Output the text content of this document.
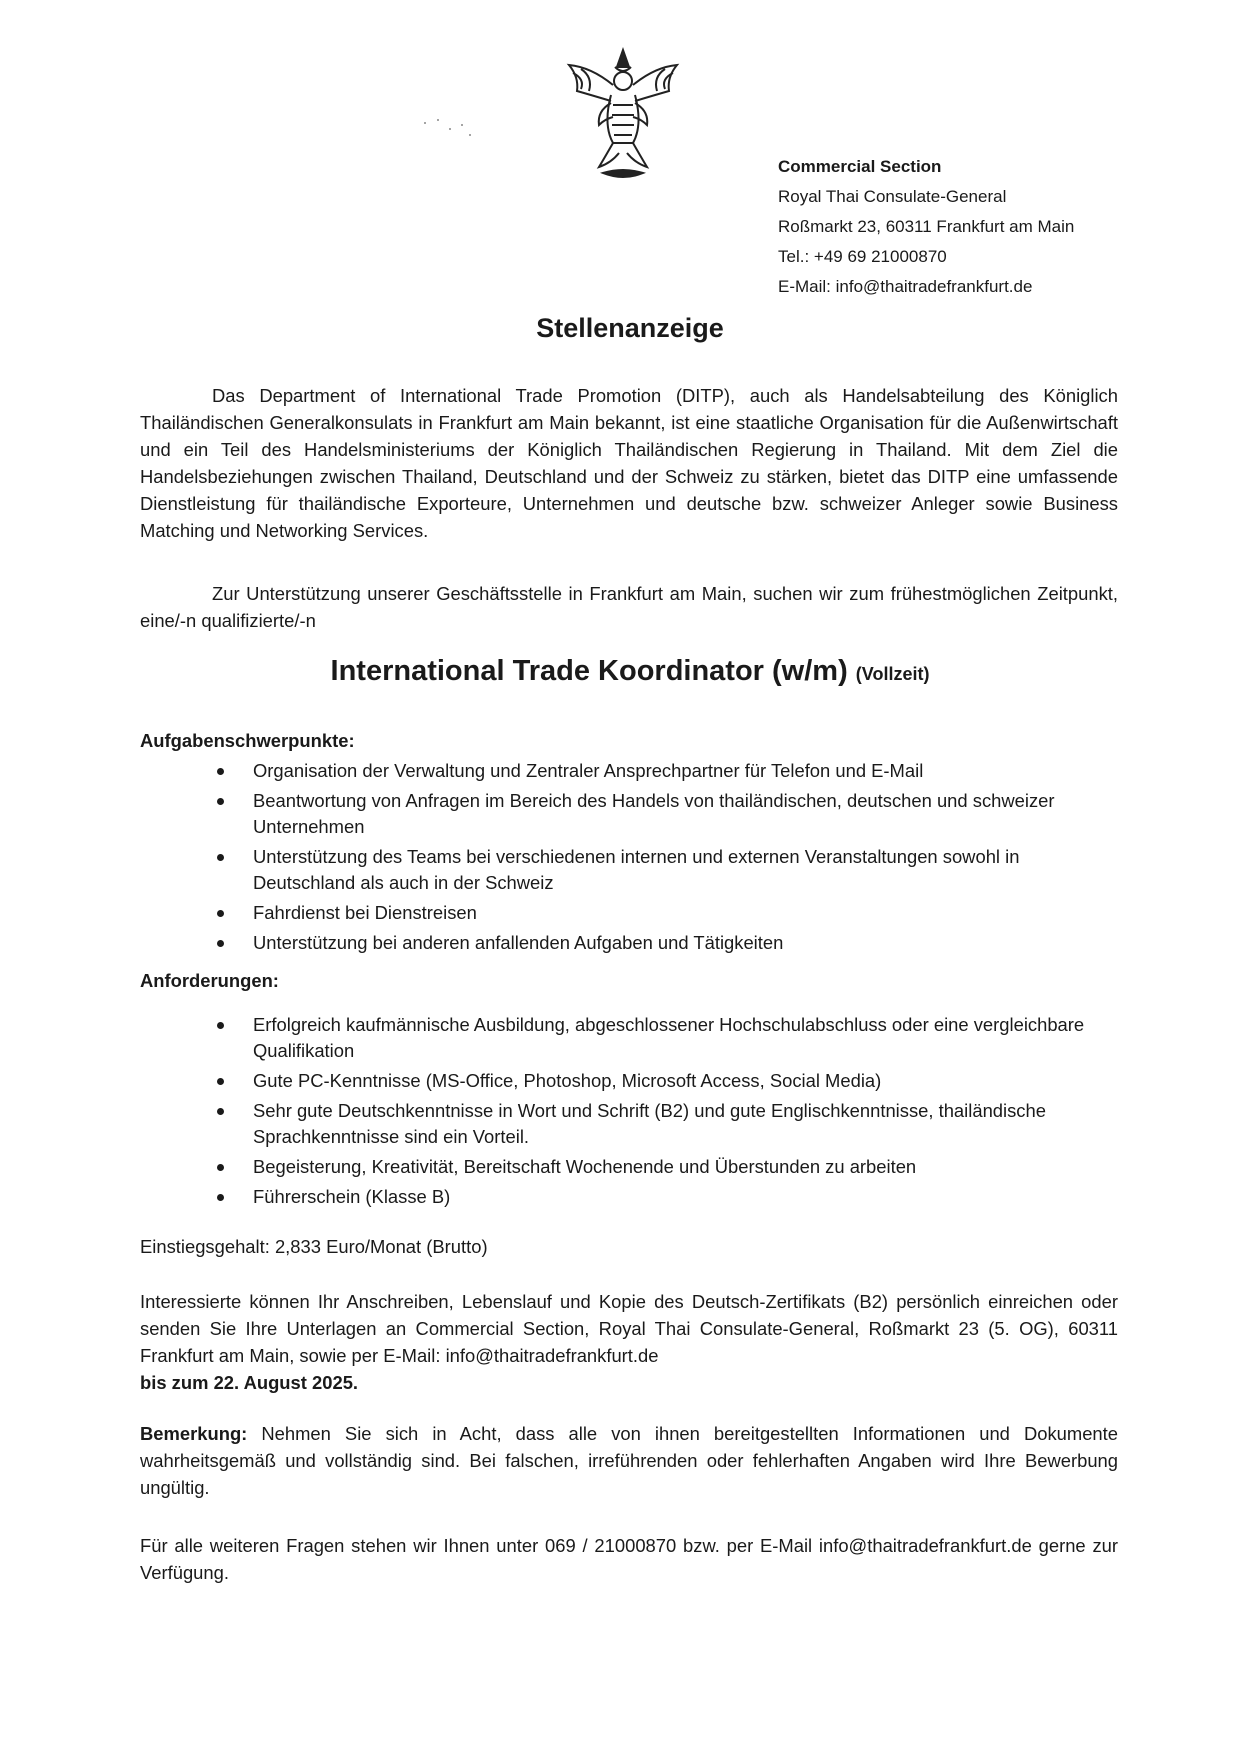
Commercial Section
Royal Thai Consulate-General
Roßmarkt 23, 60311 Frankfurt am Main
Tel.: +49 69 21000870
E-Mail: info@thaitradefrankfurt.de
Stellenanzeige

Das Department of International Trade Promotion (DITP), auch als Handelsabteilung des Königlich Thailändischen Generalkonsulats in Frankfurt am Main bekannt, ist eine staatliche Organisation für die Außenwirtschaft und ein Teil des Handelsministeriums der Königlich Thailändischen Regierung in Thailand. Mit dem Ziel die Handelsbeziehungen zwischen Thailand, Deutschland und der Schweiz zu stärken, bietet das DITP eine umfassende Dienstleistung für thailändische Exporteure, Unternehmen und deutsche bzw. schweizer Anleger sowie Business Matching und Networking Services.

Zur Unterstützung unserer Geschäftsstelle in Frankfurt am Main, suchen wir zum frühestmöglichen Zeitpunkt, eine/-n qualifizierte/-n

International Trade Koordinator (w/m) (Vollzeit)
Aufgabenschwerpunkte:
Organisation der Verwaltung und Zentraler Ansprechpartner für Telefon und E-Mail
Beantwortung von Anfragen im Bereich des Handels von thailändischen, deutschen und schweizer Unternehmen
Unterstützung des Teams bei verschiedenen internen und externen Veranstaltungen sowohl in Deutschland als auch in der Schweiz
Fahrdienst bei Dienstreisen
Unterstützung bei anderen anfallenden Aufgaben und Tätigkeiten
Anforderungen:
Erfolgreich kaufmännische Ausbildung, abgeschlossener Hochschulabschluss oder eine vergleichbare Qualifikation
Gute PC-Kenntnisse (MS-Office, Photoshop, Microsoft Access, Social Media)
Sehr gute Deutschkenntnisse in Wort und Schrift (B2) und gute Englischkenntnisse, thailändische Sprachkenntnisse sind ein Vorteil.
Begeisterung, Kreativität, Bereitschaft Wochenende und Überstunden zu arbeiten
Führerschein (Klasse B)
Einstiegsgehalt: 2,833 Euro/Monat (Brutto)

Interessierte können Ihr Anschreiben, Lebenslauf und Kopie des Deutsch-Zertifikats (B2) persönlich einreichen oder senden Sie Ihre Unterlagen an Commercial Section, Royal Thai Consulate-General, Roßmarkt 23 (5. OG), 60311 Frankfurt am Main, sowie per E-Mail: info@thaitradefrankfurt.de
bis zum 22. August 2025.

Bemerkung: Nehmen Sie sich in Acht, dass alle von ihnen bereitgestellten Informationen und Dokumente wahrheitsgemäß und vollständig sind. Bei falschen, irreführenden oder fehlerhaften Angaben wird Ihre Bewerbung ungültig.

Für alle weiteren Fragen stehen wir Ihnen unter 069 / 21000870 bzw. per E-Mail info@thaitradefrankfurt.de gerne zur Verfügung.
